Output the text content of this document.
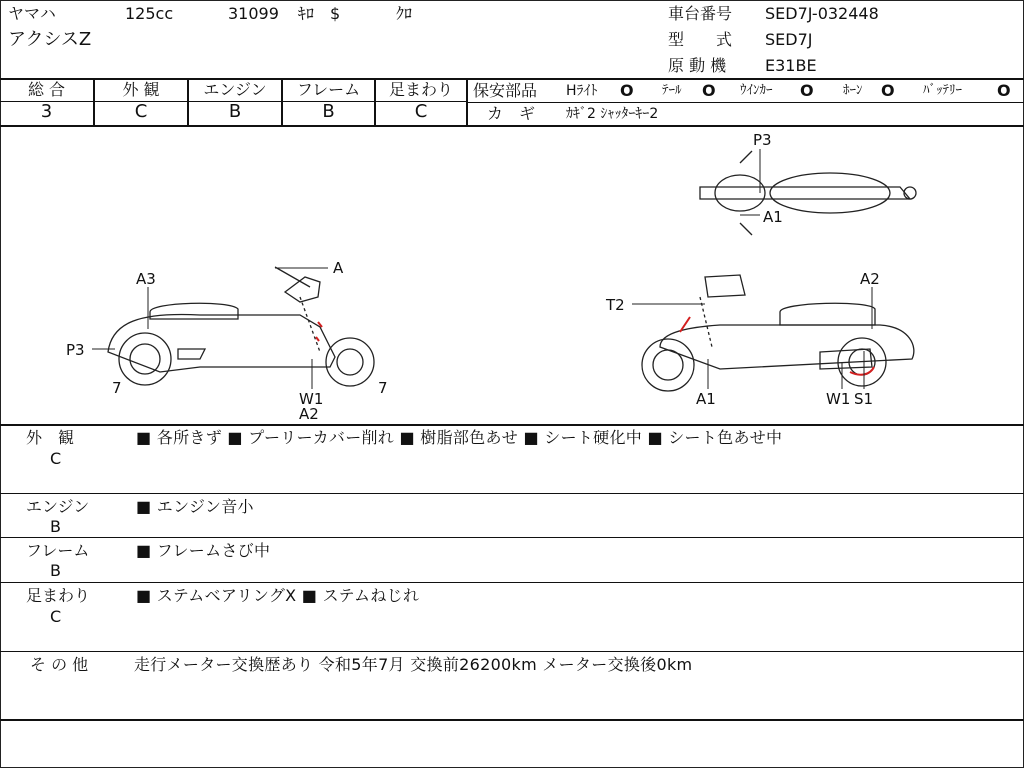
ヤマハ
アクシスZ
125cc	31099 ｷﾛ $	ｸﾛ	車台番号 SED7J-032448
型　　式 SED7J
原 動 機 E31BE
総 合
3
外 観
C
エンジン
B
フレーム
B
足まわり
C
保安部品 Hﾗｲﾄ O ﾃｰﾙ O ｳｲﾝｶｰ O ﾎｰﾝ O ﾊﾞｯﾃﾘｰ O
カ　ギ ｶｷﾞ2 ｼｬｯﾀｰｷｰ2
A
A3
P3
7	7
W1
A2
P3
A1
T2
A2
A1	W1 S1
外　観
C
■ 各所きず ■ プーリーカバー削れ ■ 樹脂部色あせ ■ シート硬化中 ■ シート色あせ中
エンジン
B
■ エンジン音小
フレーム
B
■ フレームさび中
足まわり
C
■ ステムベアリングX ■ ステムねじれ
そ の 他	走行メーター交換歴あり 令和5年7月 交換前26200km メーター交換後0km
